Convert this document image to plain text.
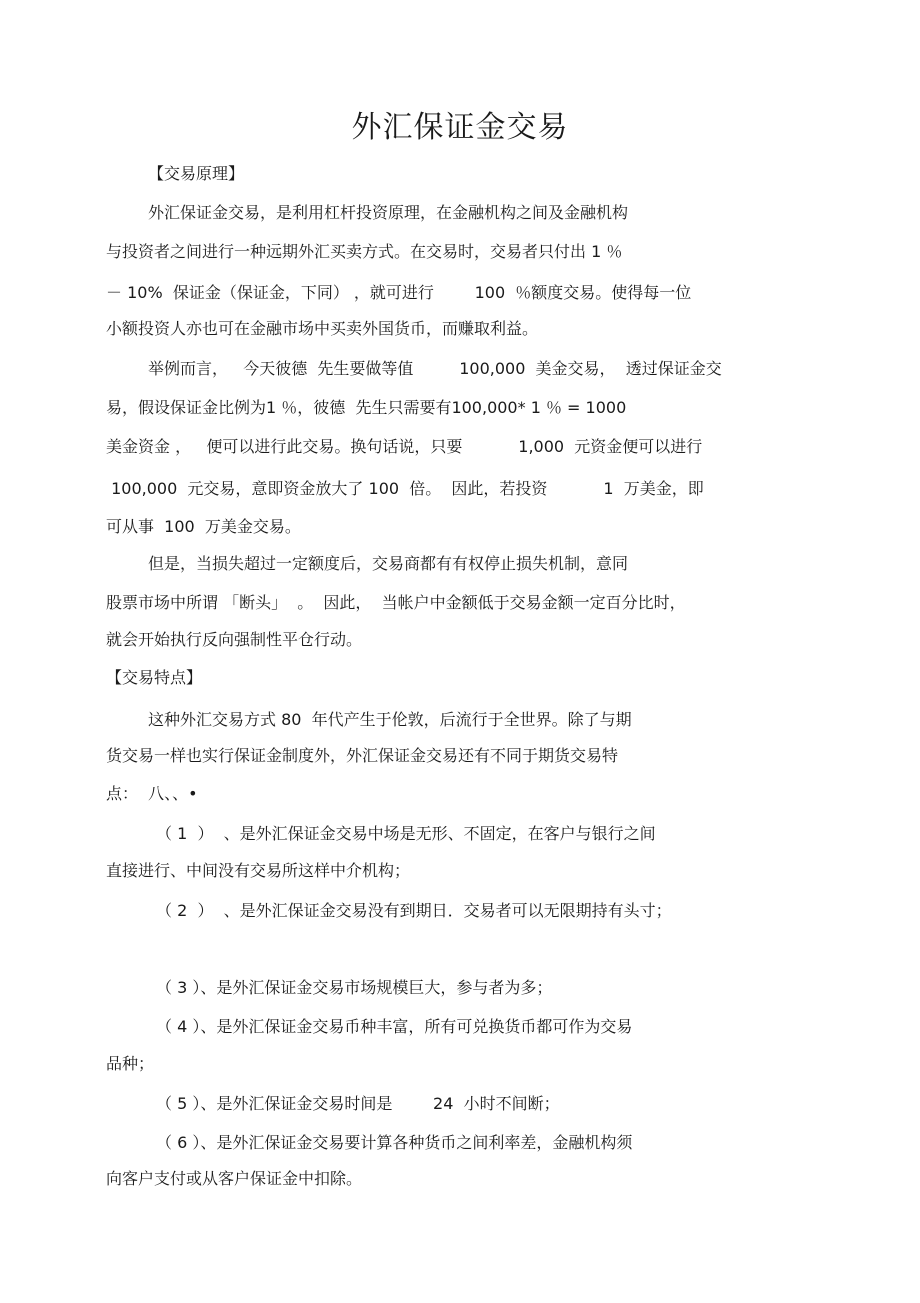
外汇保证金交易
【交易原理】
外汇保证金交易，是利用杠杆投资原理，在金融机构之间及金融机构
与投资者之间进行一种远期外汇买卖方式。在交易时，交易者只付出 1 ％
－ 10%  保证金（保证金，下同） ，就可进行        100  ％额度交易。使得每一位
小额投资人亦也可在金融市场中买卖外国货币，而赚取利益。
举例而言，   今天彼德  先生要做等值         100,000  美金交易，  透过保证金交
易，假设保证金比例为1 ％，彼德  先生只需要有100,000* 1 ％ = 1000
美金资金 ，   便可以进行此交易。换句话说，只要           1,000  元资金便可以进行
100,000  元交易，意即资金放大了 100  倍。  因此，若投资           1  万美金，即
可从事  100  万美金交易。
但是，当损失超过一定额度后，交易商都有有权停止损失机制，意同
股票市场中所谓 「断头」  。  因此，  当帐户中金额低于交易金额一定百分比时，
就会开始执行反向强制性平仓行动。
【交易特点】
这种外汇交易方式 80  年代产生于伦敦，后流行于全世界。除了与期
货交易一样也实行保证金制度外，外汇保证金交易还有不同于期货交易特
点：  八、、•
（ 1  ）  、是外汇保证金交易中场是无形、不固定，在客户与银行之间
直接进行、中间没有交易所这样中介机构；
（ 2  ）  、是外汇保证金交易没有到期日．交易者可以无限期持有头寸；
（ 3 ）、是外汇保证金交易市场规模巨大，参与者为多；
（ 4 ）、是外汇保证金交易币种丰富，所有可兑换货币都可作为交易
品种；
（ 5 ）、是外汇保证金交易时间是        24  小时不间断；
（ 6 ）、是外汇保证金交易要计算各种货币之间利率差，金融机构须
向客户支付或从客户保证金中扣除。
